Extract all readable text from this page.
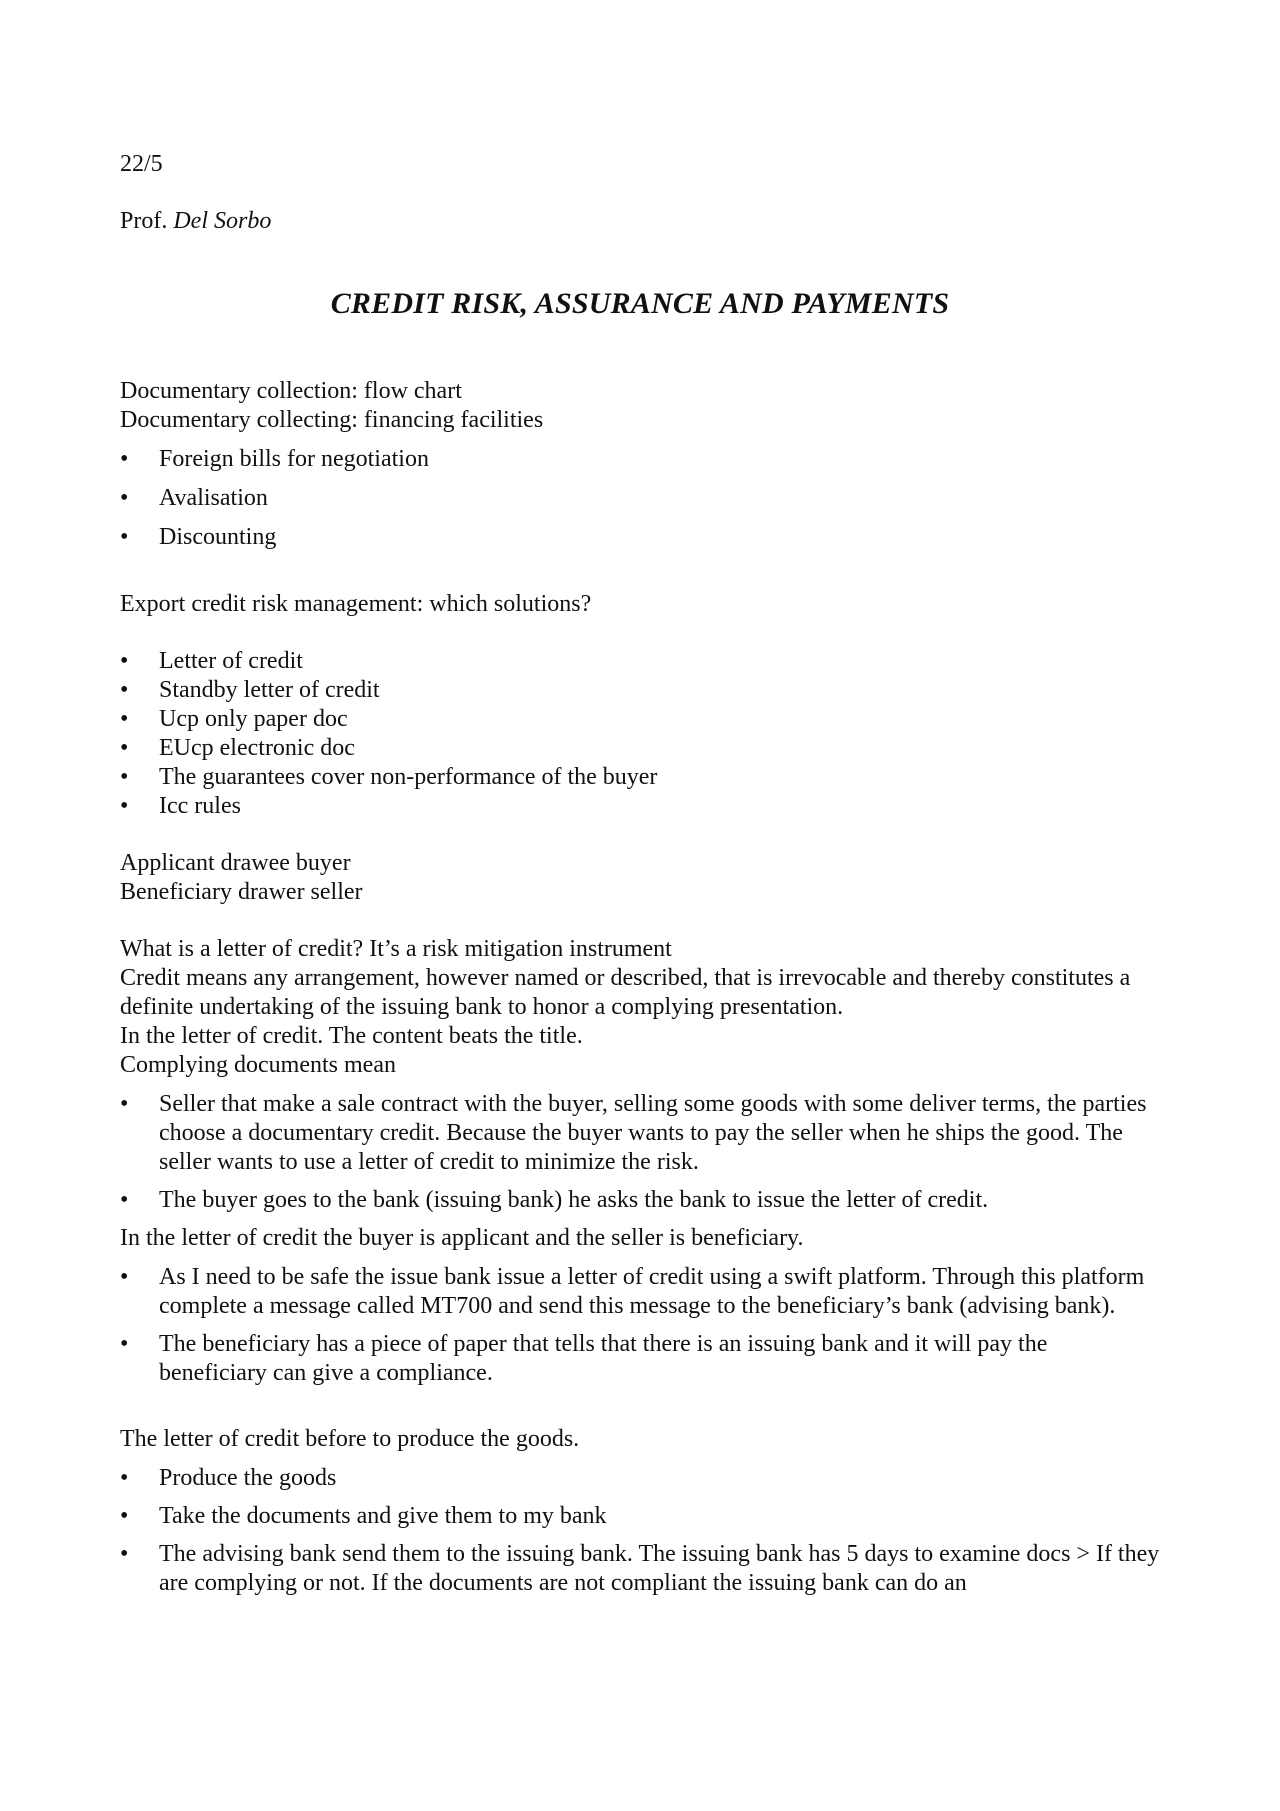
22/5

Prof. Del Sorbo

CREDIT RISK, ASSURANCE AND PAYMENTS

Documentary collection: flow chart

Documentary collecting: financing facilities

• Foreign bills for negotiation
• Avalisation
• Discounting

Export credit risk management: which solutions?

• Letter of credit
• Standby letter of credit
• Ucp only paper doc
• EUcp electronic doc
• The guarantees cover non-performance of the buyer
• Icc rules

Applicant drawee buyer

Beneficiary drawer seller

What is a letter of credit? It’s a risk mitigation instrument

Credit means any arrangement, however named or described, that is irrevocable and thereby constitutes a definite undertaking of the issuing bank to honor a complying presentation.

In the letter of credit. The content beats the title.

Complying documents mean

• Seller that make a sale contract with the buyer, selling some goods with some deliver terms, the parties choose a documentary credit. Because the buyer wants to pay the seller when he ships the good. The seller wants to use a letter of credit to minimize the risk.
• The buyer goes to the bank (issuing bank) he asks the bank to issue the letter of credit.

In the letter of credit the buyer is applicant and the seller is beneficiary.

• As I need to be safe the issue bank issue a letter of credit using a swift platform. Through this platform complete a message called MT700 and send this message to the beneficiary’s bank (advising bank).
• The beneficiary has a piece of paper that tells that there is an issuing bank and it will pay the beneficiary can give a compliance.

The letter of credit before to produce the goods.

• Produce the goods
• Take the documents and give them to my bank
• The advising bank send them to the issuing bank. The issuing bank has 5 days to examine docs > If they are complying or not. If the documents are not compliant the issuing bank can do an
